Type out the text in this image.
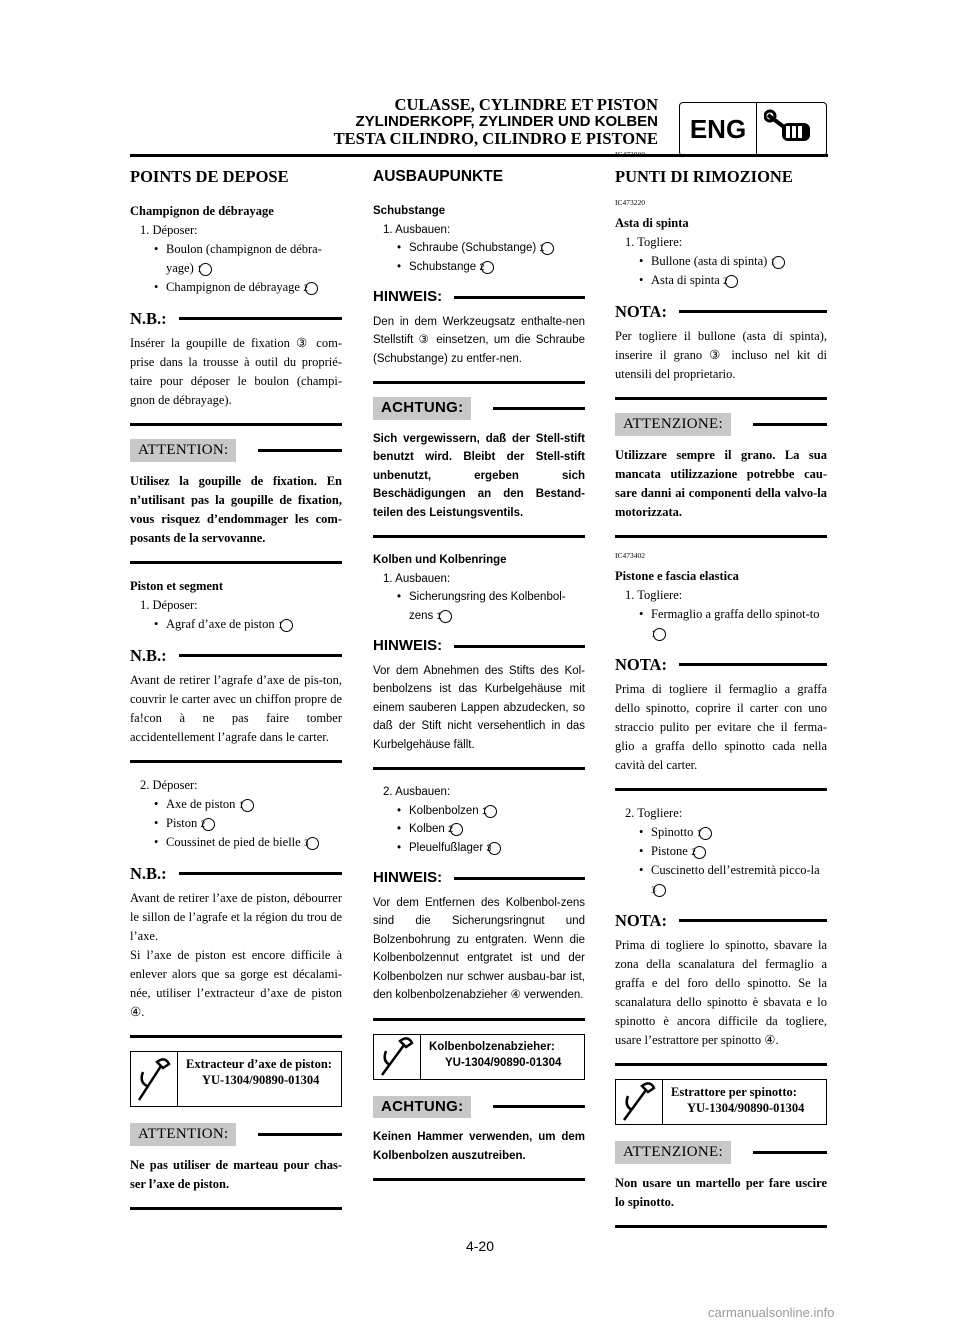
CULASSE, CYLINDRE ET PISTON
ZYLINDERKOPF, ZYLINDER UND KOLBEN
TESTA CILINDRO, CILINDRO E PISTONE	ENG
POINTS DE DEPOSE
Champignon de débrayage
1. Déposer:
• Boulon (champignon de débra-yage) 1
• Champignon de débrayage 2
N.B.:
Insérer la goupille de fixation ③ com-prise dans la trousse à outil du proprié-taire pour déposer le boulon (champi-gnon de débrayage).
ATTENTION:
Utilisez la goupille de fixation. En n’utilisant pas la goupille de fixation, vous risquez d’endommager les com-posants de la servovanne.
Piston et segment
1. Déposer:
• Agraf d’axe de piston 1
N.B.:
Avant de retirer l’agrafe d’axe de pis-ton, couvrir le carter avec un chiffon propre de fa!con à ne pas faire tomber accidentellement l’agrafe dans le carter.
2. Déposer:
• Axe de piston 1
• Piston 2
• Coussinet de pied de bielle 3
N.B.:
Avant de retirer l’axe de piston, débourrer le sillon de l’agrafe et la région du trou de l’axe.
Si l’axe de piston est encore difficile à enlever alors que sa gorge est décalami-née, utiliser l’extracteur d’axe de piston ④.
Extracteur d’axe de piston:
YU-1304/90890-01304
ATTENTION:
Ne pas utiliser de marteau pour chas-ser l’axe de piston.
AUSBAUPUNKTE
Schubstange
1. Ausbauen:
• Schraube (Schubstange) 1
• Schubstange 2
HINWEIS:
Den in dem Werkzeugsatz enthalte-nen Stellstift ③ einsetzen, um die Schraube (Schubstange) zu entfer-nen.
ACHTUNG:
Sich vergewissern, daß der Stell-stift benutzt wird. Bleibt der Stell-stift unbenutzt, ergeben sich Beschädigungen an den Bestand-teilen des Leistungsventils.
Kolben und Kolbenringe
1. Ausbauen:
• Sicherungsring des Kolbenbol-zens 1
HINWEIS:
Vor dem Abnehmen des Stifts des Kol-benbolzens ist das Kurbelgehäuse mit einem sauberen Lappen abzudecken, so daß der Stift nicht versehentlich in das Kurbelgehäuse fällt.
2. Ausbauen:
• Kolbenbolzen 1
• Kolben 2
• Pleuelfußlager 3
HINWEIS:
Vor dem Entfernen des Kolbenbol-zens sind die Sicherungsringnut und Bolzenbohrung zu entgraten. Wenn die Kolbenbolzennut entgratet ist und der Kolbenbolzen nur schwer ausbau-bar ist, den kolbenbolzenabzieher ④ verwenden.
Kolbenbolzenabzieher:
YU-1304/90890-01304
ACHTUNG:
Keinen Hammer verwenden, um dem Kolbenbolzen auszutreiben.
IC473000
PUNTI DI RIMOZIONE
IC473220
Asta di spinta
1. Togliere:
• Bullone (asta di spinta) 1
• Asta di spinta 2
NOTA:
Per togliere il bullone (asta di spinta), inserire il grano ③ incluso nel kit di utensili del proprietario.
ATTENZIONE:
Utilizzare sempre il grano. La sua mancata utilizzazione potrebbe cau-sare danni ai componenti della valvo-la motorizzata.
IC473402
Pistone e fascia elastica
1. Togliere:
• Fermaglio a graffa dello spinot-to 1
NOTA:
Prima di togliere il fermaglio a graffa dello spinotto, coprire il carter con uno straccio pulito per evitare che il ferma-glio a graffa dello spinotto cada nella cavità del carter.
2. Togliere:
• Spinotto 1
• Pistone 2
• Cuscinetto dell’estremità picco-la 3
NOTA:
Prima di togliere lo spinotto, sbavare la zona della scanalatura del fermaglio a graffa e del foro dello spinotto. Se la scanalatura dello spinotto è sbavata e lo spinotto è ancora difficile da togliere, usare l’estrattore per spinotto ④.
Estrattore per spinotto:
YU-1304/90890-01304
ATTENZIONE:
Non usare un martello per fare uscire lo spinotto.
4-20
carmanualsonline.info
